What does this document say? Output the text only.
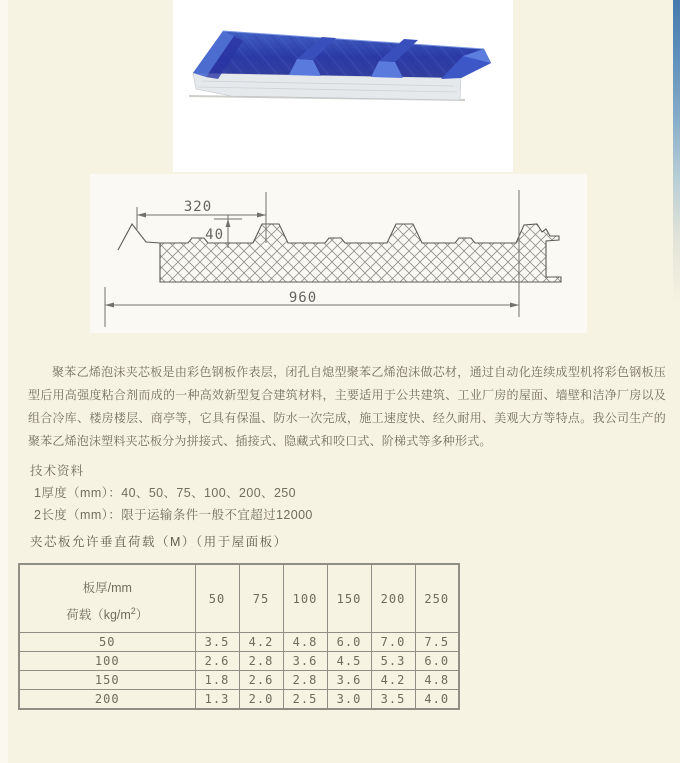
320
40
960

聚苯乙烯泡沫夹芯板是由彩色钢板作表层，闭孔自熄型聚苯乙烯泡沫做芯材，通过自动化连续成型机将彩色钢板压型后用高强度粘合剂而成的一种高效新型复合建筑材料，主要适用于公共建筑、工业厂房的屋面、墙壁和洁净厂房以及组合冷库、楼房楼层、商亭等，它具有保温、防水一次完成，施工速度快、经久耐用、美观大方等特点。我公司生产的聚苯乙烯泡沫塑料夹芯板分为拼接式、插接式、隐藏式和咬口式、阶梯式等多种形式。

技术资料
1厚度（mm）：40、50、75、100、200、250
2长度（mm）：限于运输条件一般不宜超过12000
夹芯板允许垂直荷载（M）（用于屋面板）
板厚/mm
荷载$(kg/m^2)$	50	75	100	150	200	250
50	3.5	4.2	4.8	6.0	7.0	7.5
100	2.6	2.8	3.6	4.5	5.3	6.0
150	1.8	2.6	2.8	3.6	4.2	4.8
200	1.3	2.0	2.5	3.0	3.5	4.0
